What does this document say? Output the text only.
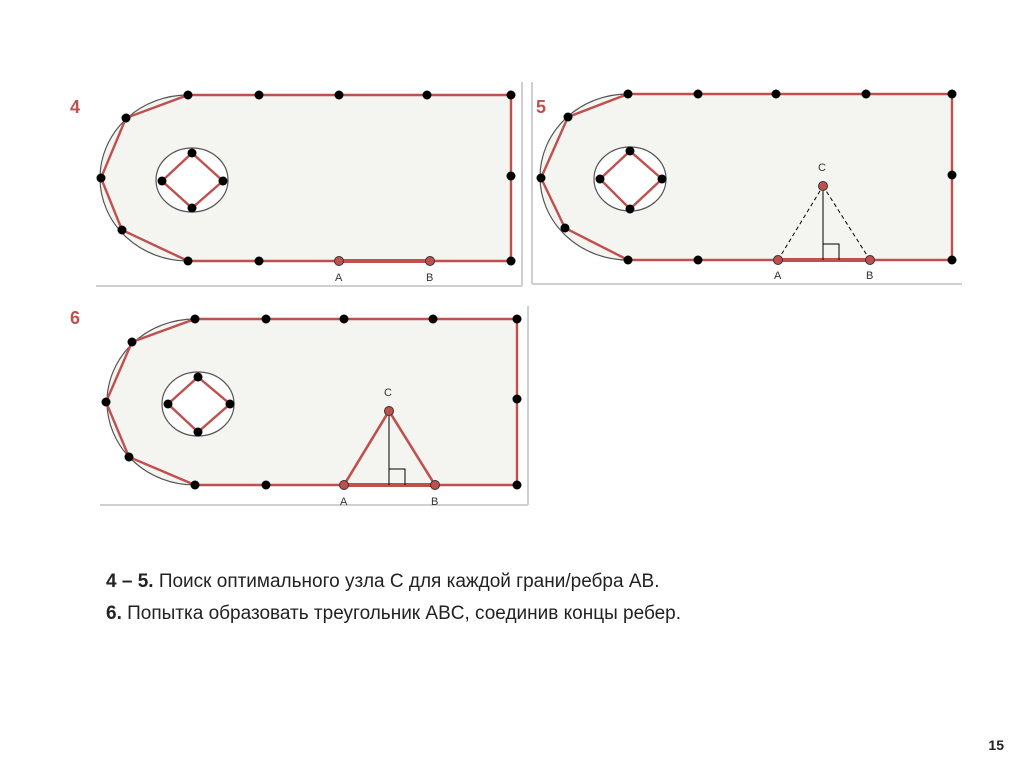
4
A	B
5
A	B
C
6
A	B
C
4 – 5. Поиск оптимального узла C для каждой грани/ребра AB.
6. Попытка образовать треугольник ABC, соединив концы ребер.
15
